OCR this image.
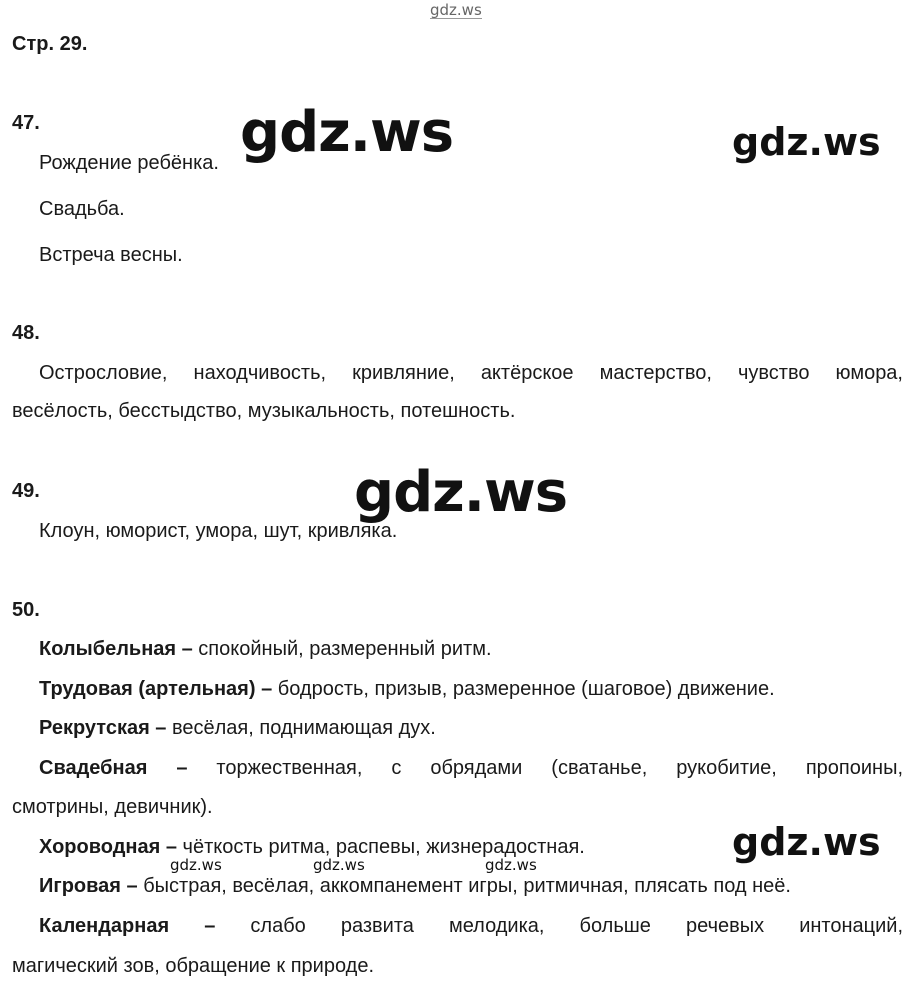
gdz.ws
Стр. 29.
47.
Рождение ребёнка.
Свадьба.
Встреча весны.
48.
Острословие, находчивость, кривляние, актёрское мастерство, чувство юмора,
весёлость, бесстыдство, музыкальность, потешность.
49.
Клоун, юморист, умора, шут, кривляка.
50.
Колыбельная – спокойный, размеренный ритм.
Трудовая (артельная) – бодрость, призыв, размеренное (шаговое) движение.
Рекрутская – весёлая, поднимающая дух.
Свадебная – торжественная, с обрядами (сватанье, рукобитие, пропоины,
смотрины, девичник).
Хороводная – чёткость ритма, распевы, жизнерадостная.
Игровая – быстрая, весёлая, аккомпанемент игры, ритмичная, плясать под неё.
Календарная – слабо развита мелодика, больше речевых интонаций,
магический зов, обращение к природе.
gdz.ws	gdz.ws
gdz.ws
gdz.ws
gdz.ws	gdz.ws	gdz.ws
